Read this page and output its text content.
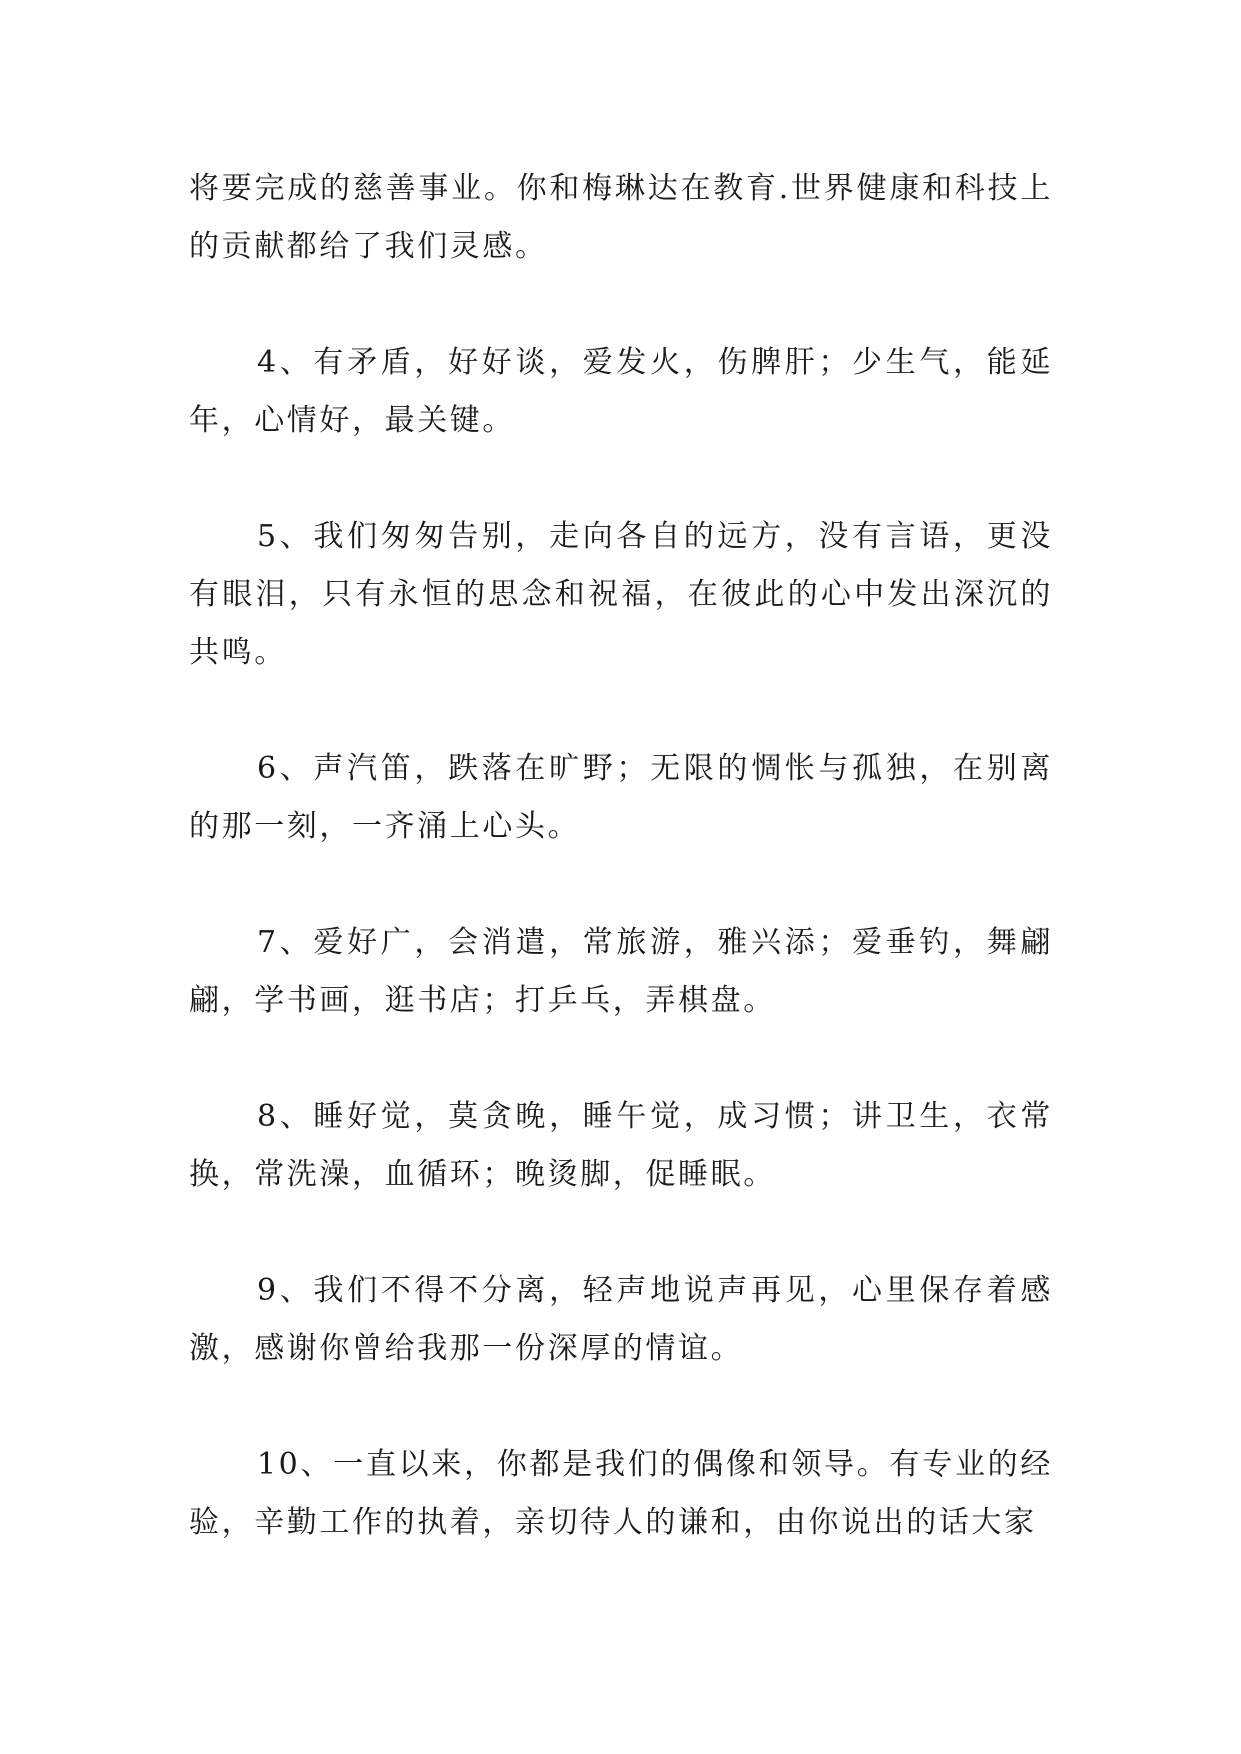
将要完成的慈善事业。你和梅琳达在教育.世界健康和科技上的贡献都给了我们灵感。

4、有矛盾，好好谈，爱发火，伤脾肝；少生气，能延年，心情好，最关键。

5、我们匆匆告别，走向各自的远方，没有言语，更没有眼泪，只有永恒的思念和祝福，在彼此的心中发出深沉的共鸣。

6、声汽笛，跌落在旷野；无限的惆怅与孤独，在别离的那一刻，一齐涌上心头。

7、爱好广，会消遣，常旅游，雅兴添；爱垂钓，舞翩翩，学书画，逛书店；打乒乓，弄棋盘。

8、睡好觉，莫贪晚，睡午觉，成习惯；讲卫生，衣常换，常洗澡，血循环；晚烫脚，促睡眠。

9、我们不得不分离，轻声地说声再见，心里保存着感激，感谢你曾给我那一份深厚的情谊。

10、一直以来，你都是我们的偶像和领导。有专业的经验，辛勤工作的执着，亲切待人的谦和，由你说出的话大家
